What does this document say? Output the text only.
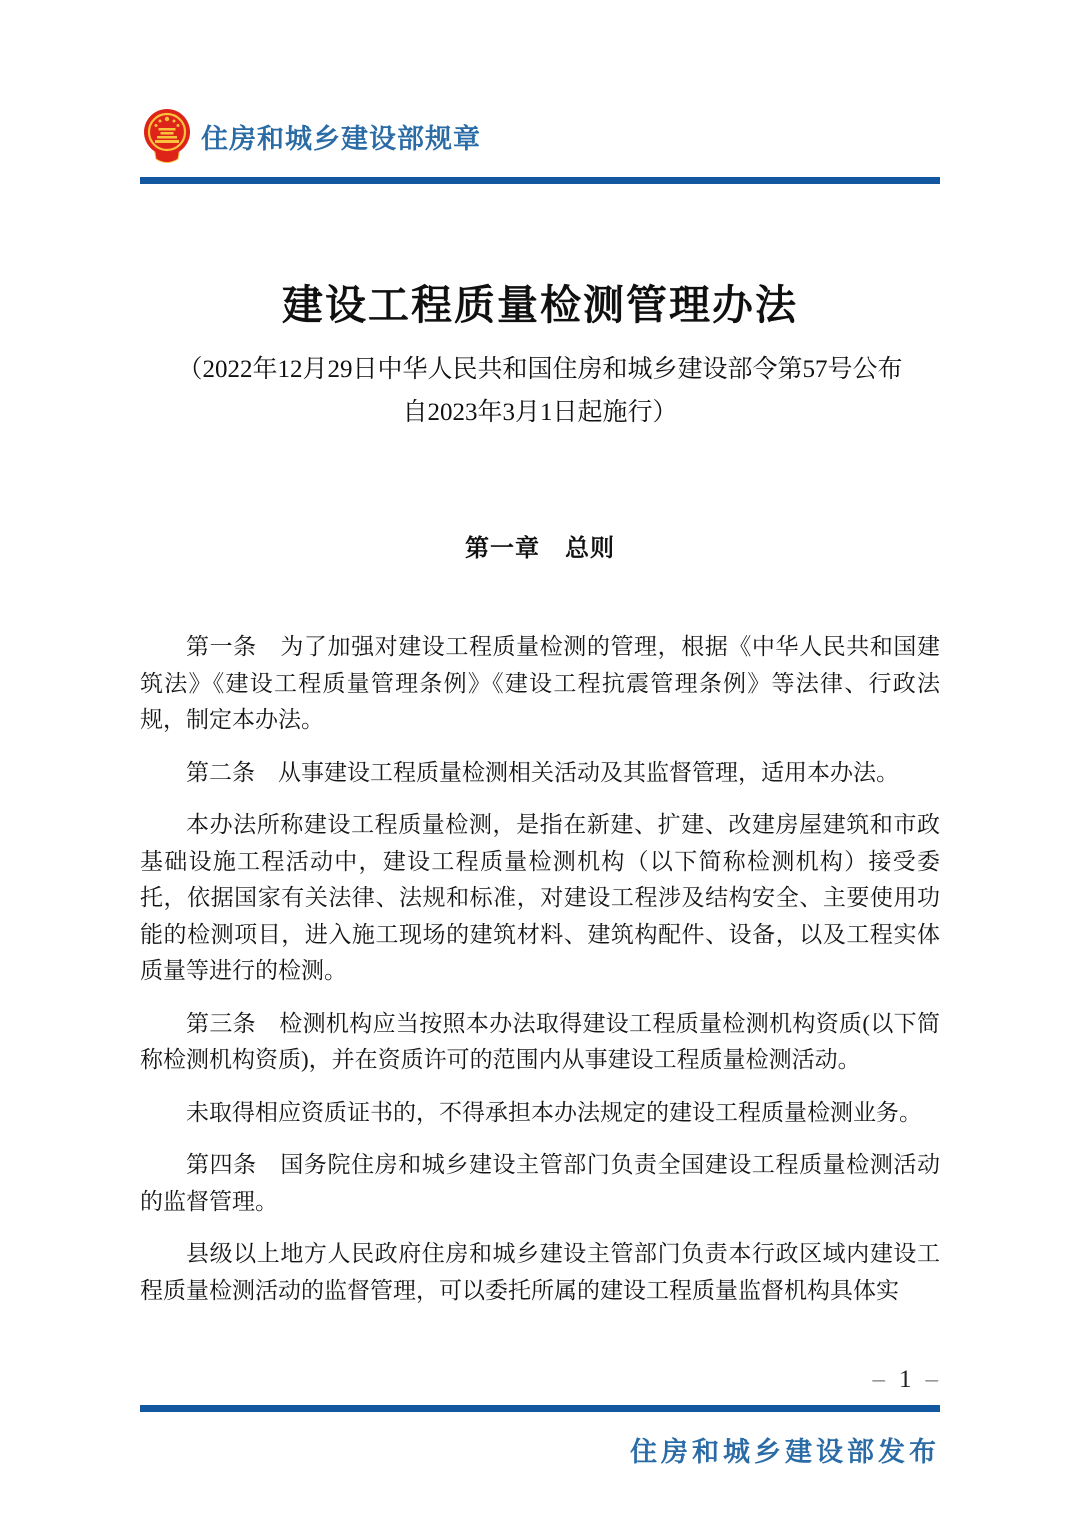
住房和城乡建设部规章
建设工程质量检测管理办法
（2022年12月29日中华人民共和国住房和城乡建设部令第57号公布
自2023年3月1日起施行）
第一章　总则

第一条　为了加强对建设工程质量检测的管理，根据《中华人民共和国建筑法》《建设工程质量管理条例》《建设工程抗震管理条例》等法律、行政法规，制定本办法。

第二条　从事建设工程质量检测相关活动及其监督管理，适用本办法。

本办法所称建设工程质量检测，是指在新建、扩建、改建房屋建筑和市政基础设施工程活动中，建设工程质量检测机构（以下简称检测机构）接受委托，依据国家有关法律、法规和标准，对建设工程涉及结构安全、主要使用功能的检测项目，进入施工现场的建筑材料、建筑构配件、设备，以及工程实体质量等进行的检测。

第三条　检测机构应当按照本办法取得建设工程质量检测机构资质(以下简称检测机构资质)，并在资质许可的范围内从事建设工程质量检测活动。

未取得相应资质证书的，不得承担本办法规定的建设工程质量检测业务。

第四条　国务院住房和城乡建设主管部门负责全国建设工程质量检测活动的监督管理。

县级以上地方人民政府住房和城乡建设主管部门负责本行政区域内建设工程质量检测活动的监督管理，可以委托所属的建设工程质量监督机构具体实

– 1 –
住房和城乡建设部发布
